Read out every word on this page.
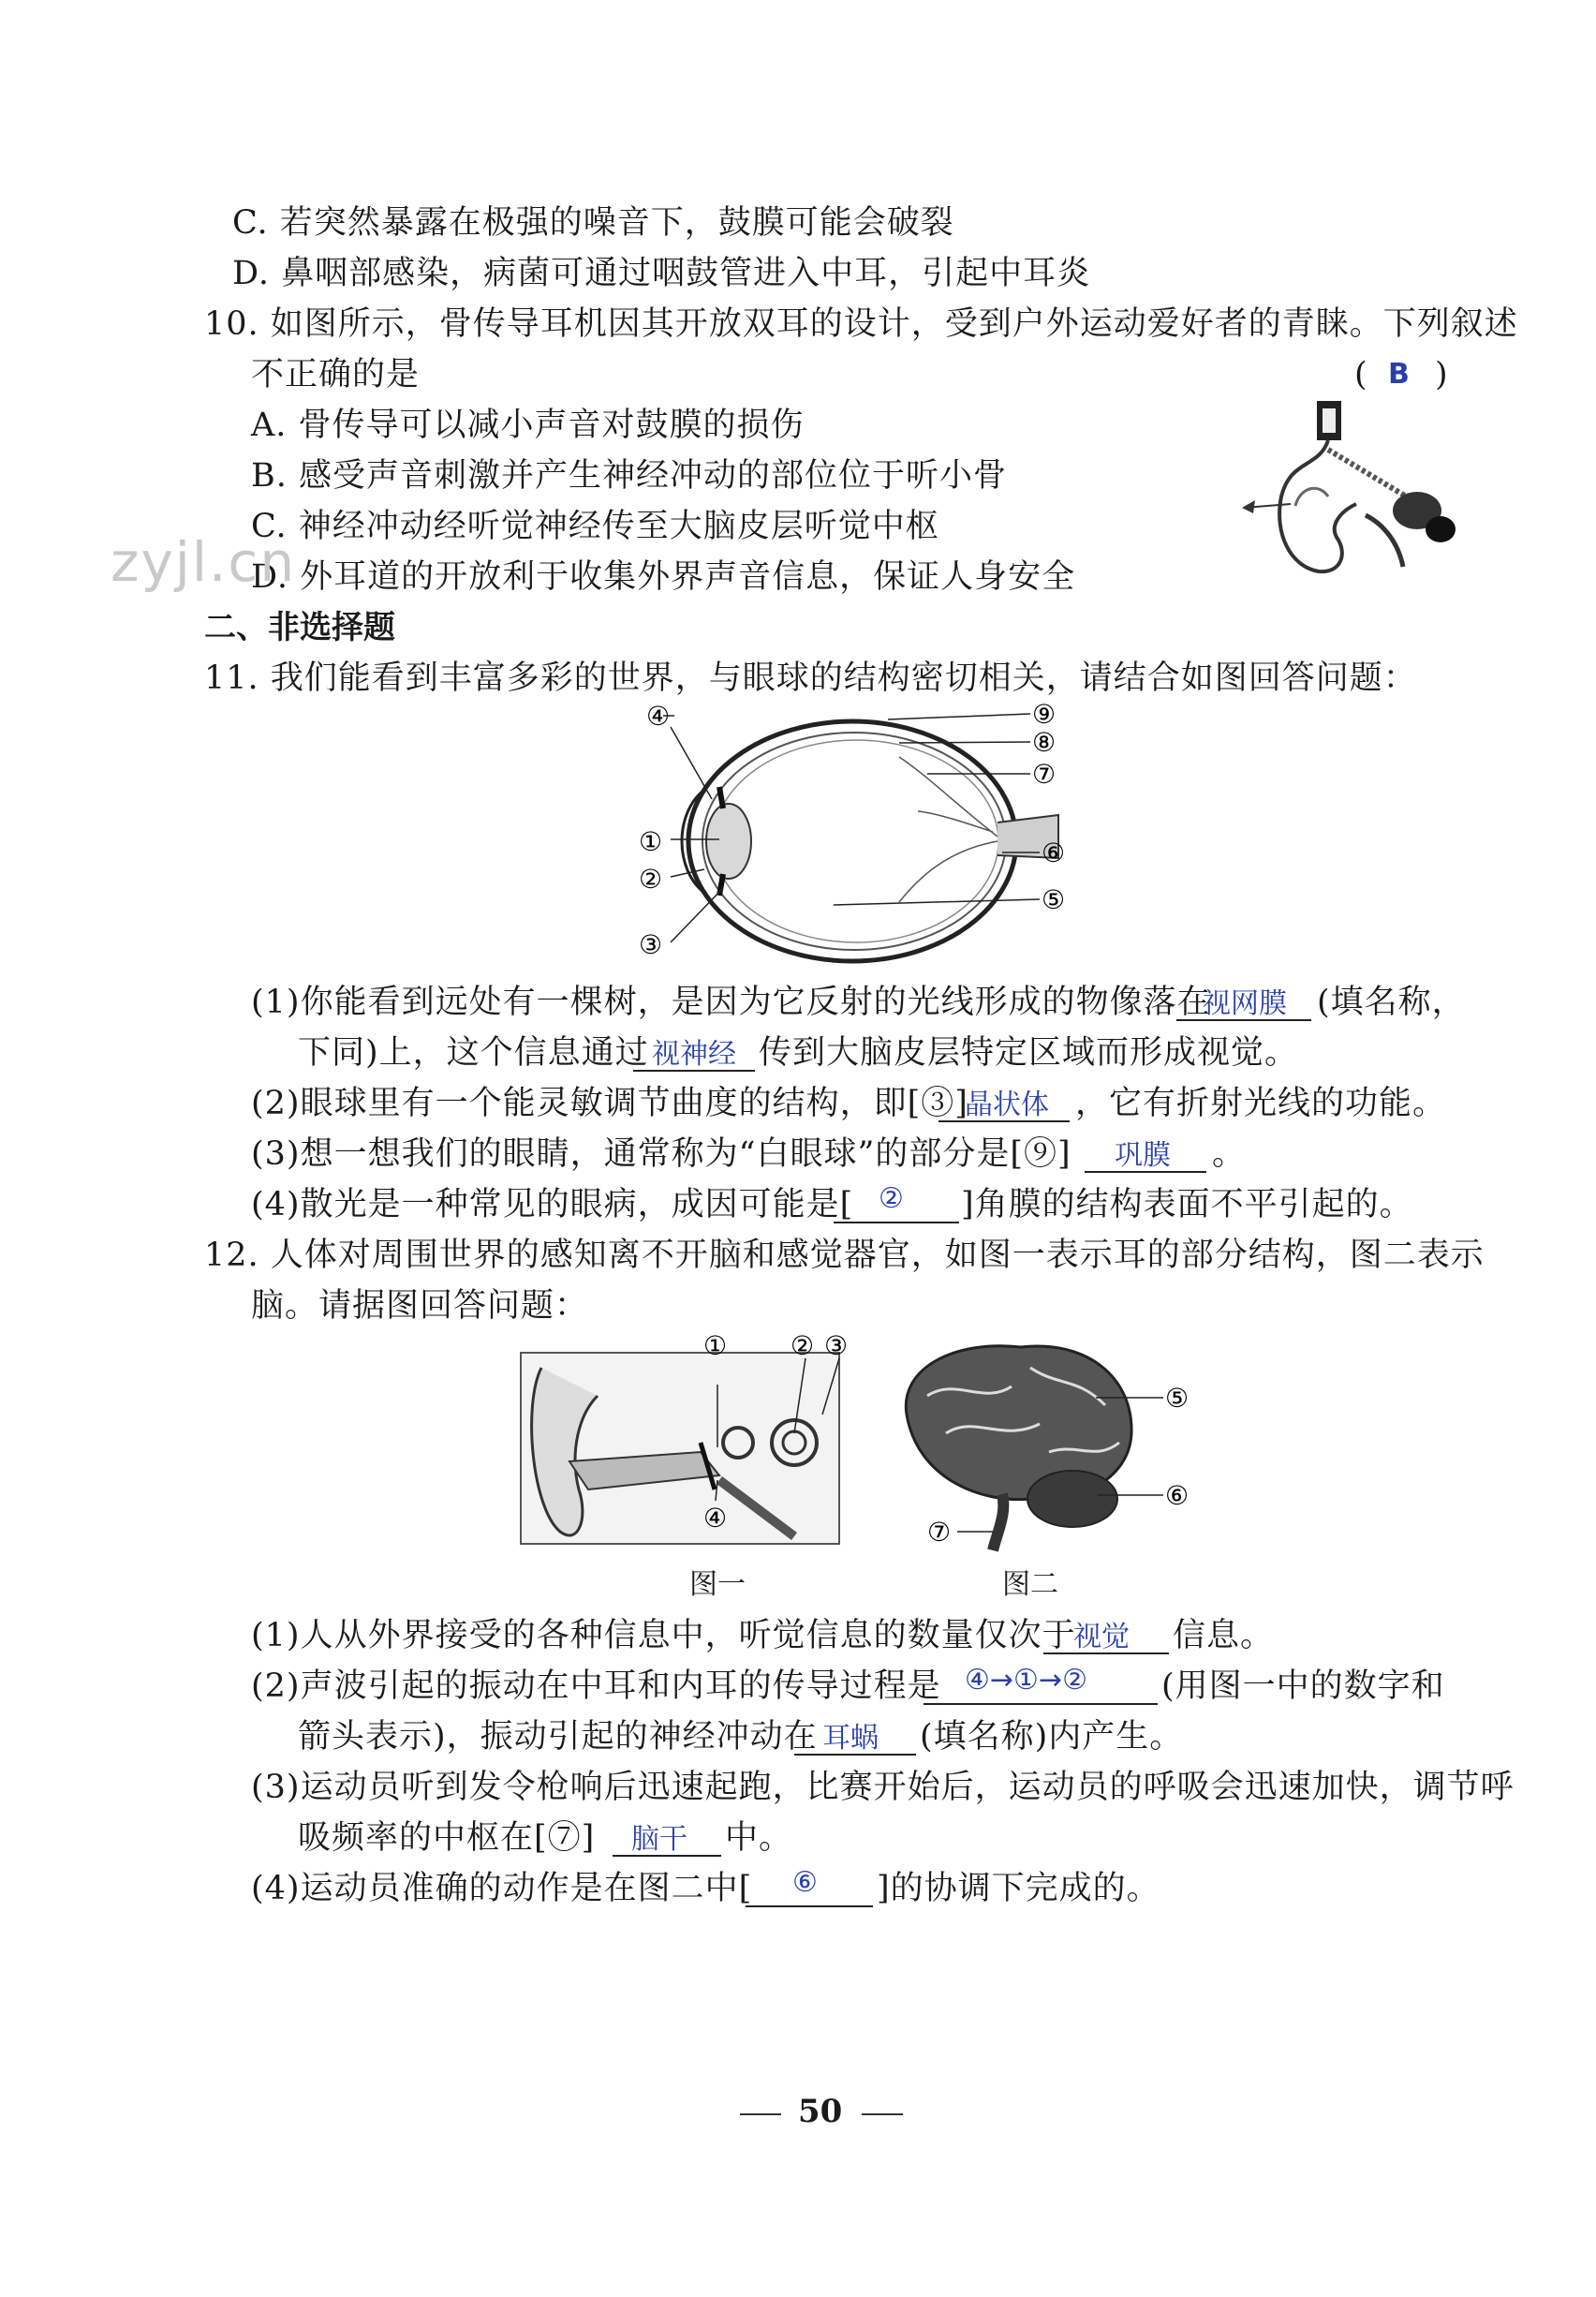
C. 若突然暴露在极强的噪音下，鼓膜可能会破裂
D. 鼻咽部感染，病菌可通过咽鼓管进入中耳，引起中耳炎
10. 如图所示，骨传导耳机因其开放双耳的设计，受到户外运动爱好者的青睐。下列叙述
不正确的是	( B )
A. 骨传导可以减小声音对鼓膜的损伤
B. 感受声音刺激并产生神经冲动的部位位于听小骨
C. 神经冲动经听觉神经传至大脑皮层听觉中枢
D. 外耳道的开放利于收集外界声音信息，保证人身安全
zyjl.cn
二、非选择题
11. 我们能看到丰富多彩的世界，与眼球的结构密切相关，请结合如图回答问题：
④
①
②
③
⑨
⑧
⑦
⑥
⑤
(1)你能看到远处有一棵树，是因为它反射的光线形成的物像落在
视网膜 (填名称，
下同)上，这个信息通过 视神经 传到大脑皮层特定区域而形成视觉。
(2)眼球里有一个能灵敏调节曲度的结构，即[③]
晶状体 ，它有折射光线的功能。
(3)想一想我们的眼睛，通常称为“白眼球”的部分是[⑨] 巩膜 。
(4)散光是一种常见的眼病，成因可能是[ ② ]角膜的结构表面不平引起的。
12. 人体对周围世界的感知离不开脑和感觉器官，如图一表示耳的部分结构，图二表示
脑。请据图回答问题：
① ② ③
④
⑤
⑥
⑦
图一	图二
(1)人从外界接受的各种信息中，听觉信息的数量仅次于
视觉 信息。
(2)声波引起的振动在中耳和内耳的传导过程是 ④→①→② (用图一中的数字和
箭头表示)，振动引起的神经冲动在 耳蜗 (填名称)内产生。
(3)运动员听到发令枪响后迅速起跑，比赛开始后，运动员的呼吸会迅速加快，调节呼
吸频率的中枢在[⑦] 脑干 中。
(4)运动员准确的动作是在图二中[ ⑥ ]的协调下完成的。
50
